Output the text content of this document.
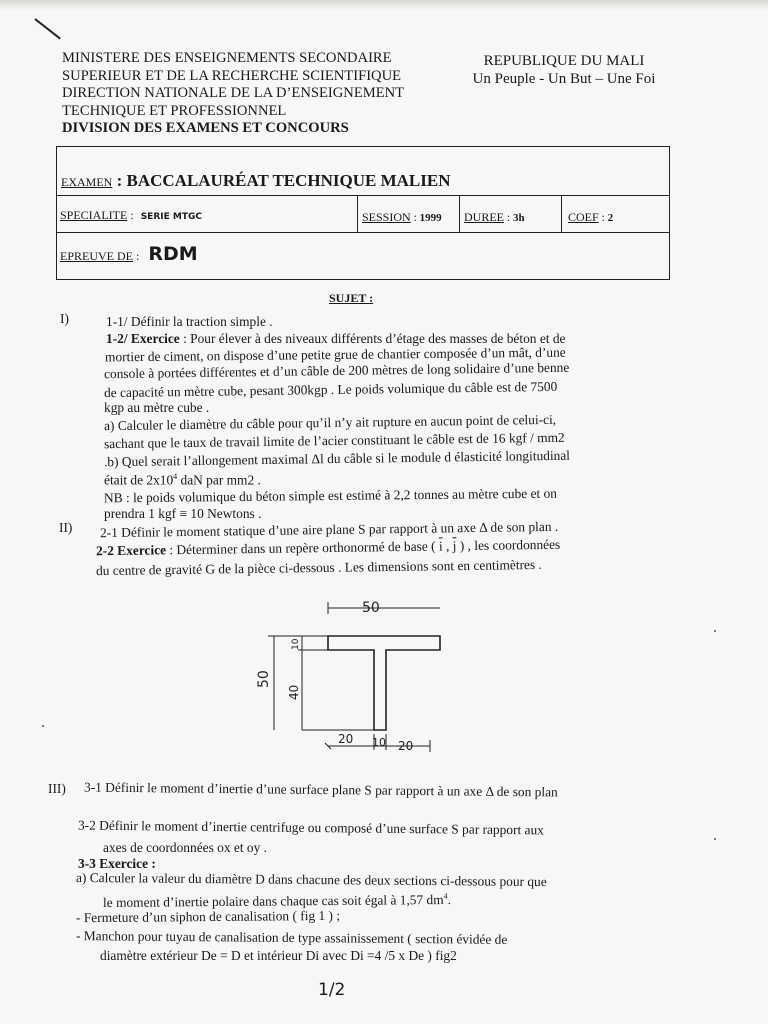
MINISTERE DES ENSEIGNEMENTS SECONDAIRE
SUPERIEUR ET DE LA RECHERCHE SCIENTIFIQUE
DIRECTION NATIONALE DE LA D’ENSEIGNEMENT
TECHNIQUE ET PROFESSIONNEL
DIVISION DES EXAMENS ET CONCOURS
REPUBLIQUE DU MALI
Un Peuple - Un But – Une Foi
EXAMEN : BACCALAURÉAT TECHNIQUE MALIEN
SPECIALITE : SERIE MTGC	SESSION : 1999 DUREE : 3h	COEF : 2
EPREUVE DE : RDM
SUJET :
I)	1-1/ Définir la traction simple .
1-2/ Exercice : Pour élever à des niveaux différents d’étage des masses de béton et de
mortier de ciment, on dispose d’une petite grue de chantier composée d’un mât, d’une
console à portées différentes et d’un câble de 200 mètres de long solidaire d’une benne
de capacité un mètre cube, pesant 300kgp . Le poids volumique du câble est de 7500
kgp au mètre cube .
a) Calculer le diamètre du câble pour qu’il n’y ait rupture en aucun point de celui-ci,
sachant que le taux de travail limite de l’acier constituant le câble est de 16 kgf / mm2
.b) Quel serait l’allongement maximal Δl du câble si le module d élasticité longitudinal
était de $2x10^4$ daN par mm2 .
NB : le poids volumique du béton simple est estimé à 2,2 tonnes au mètre cube et on
prendra 1 kgf ≡ 10 Newtons .
II) 2-1 Définir le moment statique d’une aire plane S par rapport à un axe Δ de son plan .
2-2 Exercice : Déterminer dans un repère orthonormé de base ( $\overline{i}$ , $\overline{j}$ ) , les coordonnées
du centre de gravité G de la pièce ci-dessous . Les dimensions sont en centimètres .
50
50
40
10
20 10 20
III) 3-1 Définir le moment d’inertie d’une surface plane S par rapport à un axe Δ de son plan
3-2 Définir le moment d’inertie centrifuge ou composé d’une surface S par rapport aux
axes de coordonnées ox et oy .
3-3 Exercice :
a) Calculer la valeur du diamètre D dans chacune des deux sections ci-dessous pour que
le moment d’inertie polaire dans chaque cas soit égal à 1,57 $dm^4$.
- Fermeture d’un siphon de canalisation ( fig 1 ) ;
- Manchon pour tuyau de canalisation de type assainissement ( section évidée de
diamètre extérieur De = D et intérieur Di avec Di =4 /5 x De ) fig2
1/2
